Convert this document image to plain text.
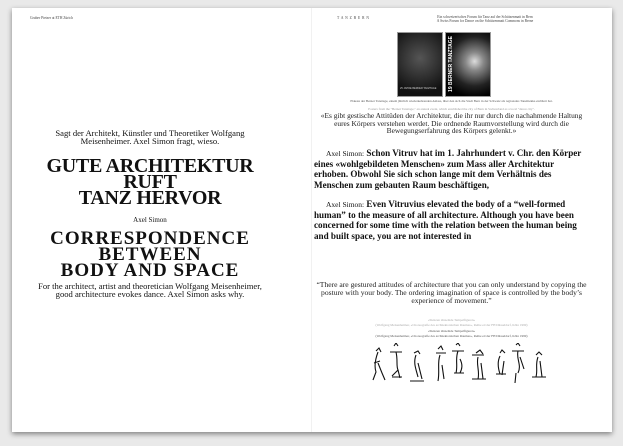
Gruber Pietzer at ETH Zürich	T A N Z B E R N	Ein schweizerisches Forum für Tanz auf der Schützenmatt in Bern
A Swiss Forum for Dance on the Schützenmatt Commons in Berne
Sagt der Architekt, Künstler und Theoretiker Wolfgang Meisenheimer. Axel Simon fragt, wieso.
GUTE ARCHITEKTUR
RUFT
TANZ HERVOR
Axel Simon
CORRESPONDENCE
BETWEEN
BODY AND SPACE
For the architect, artist and theoretician Wolfgang Meisenheimer, good architecture evokes dance. Axel Simon asks why.
25 JAHRE BERNER TANZTAGE 19 BERNER TANZTAGE
Plakate der Berner Tanztage, einem jährlich wiederkehrenden Anlass, über den sich die Stadt Bern in der Schweiz als regionales Tanzmekka etabliert hat.
Posters from the "Berner Tanztage," an annual event, which established the city of Bern in Switzerland as a local "dance city".
«Es gibt gestische Attitüden der Architektur, die ihr nur durch die nachahmende Haltung eures Körpers verstehen werdet. Die ordnende Raumvorstellung wird durch die Bewegungserfahrung des Körpers gelenkt.»
Axel Simon: Schon Vitruv hat im 1. Jahrhundert v. Chr. den Körper eines «wohlgebildeten Menschen» zum Mass aller Architektur erhoben. Obwohl Sie sich schon lange mit dem Verhältnis des Menschen zum gebauten Raum beschäftigen,
Axel Simon: Even Vitruvius elevated the body of a “well-formed human” to the measure of all architecture. Although you have been concerned for some time with the relation between the human being and built space, you are not interested in
“There are gestured attitudes of architecture that you can only understand by copying the posture with your body. The ordering imagination of space is controlled by the body’s experience of movement.”
«Skizzen tänzelnde Tempelfiguren»
(Wolfgang Meisenheimer, «Choreografie des architektonischen Raumes», Reihe ed der FH Düsseldorf, Köln 1999)
«Skizzen tänzelnde Tempelfiguren»
(Wolfgang Meisenheimer, «Choreografie des architektonischen Raumes», Reihe ed der FH Düsseldorf, Köln 1999)
